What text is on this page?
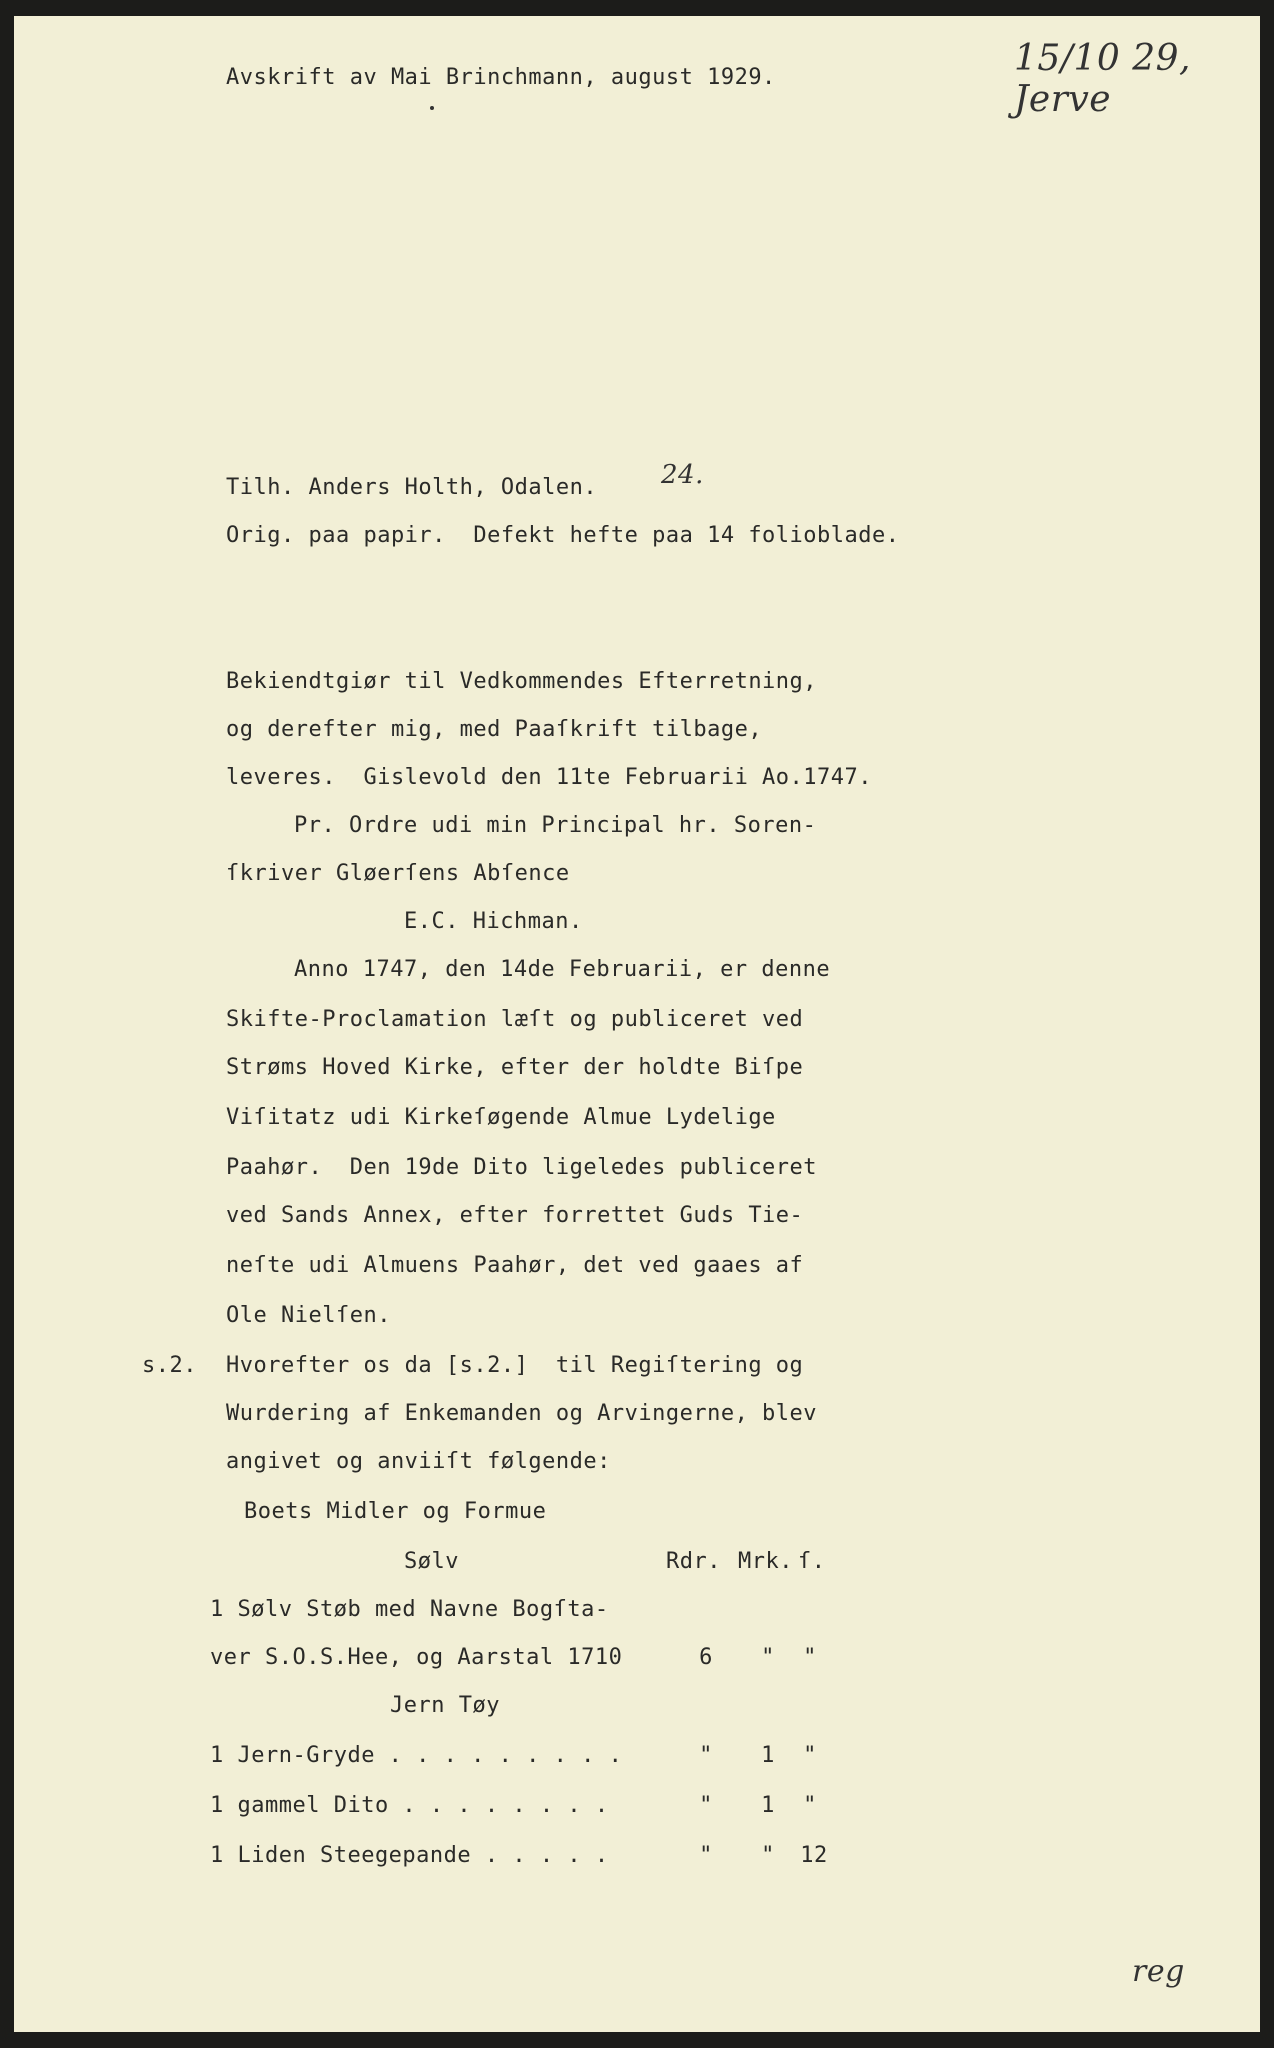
Avskrift av Mai Brinchmann, august 1929.	15/10 29, Jerve
Tilh. Anders Holth, Odalen. 24.
Orig. paa papir.  Defekt hefte paa 14 folioblade.
Bekiendtgiør til Vedkommendes Efterretning,
og derefter mig, med Paaſkrift tilbage,
leveres.  Gislevold den 11te Februarii Ao.1747.
Pr. Ordre udi min Principal hr. Soren-
ſkriver Gløerſens Abſence
E.C. Hichman.
Anno 1747, den 14de Februarii, er denne
Skifte-Proclamation læſt og publiceret ved
Strøms Hoved Kirke, efter der holdte Biſpe
Viſitatz udi Kirkeſøgende Almue Lydelige
Paahør.  Den 19de Dito ligeledes publiceret
ved Sands Annex, efter forrettet Guds Tie-
neſte udi Almuens Paahør, det ved gaaes af
Ole Nielſen.
s.2. Hvorefter os da [s.2.]  til Regiſtering og
Wurdering af Enkemanden og Arvingerne, blev
angivet og anviiſt følgende:
Boets Midler og Formue
Sølv	Rdr. Mrk. ſ.
1 Sølv Støb med Navne Bogſta-
ver S.O.S.Hee, og Aarstal 1710	6 " "
Jern Tøy
1 Jern-Gryde . . . . . . . . .	" 1 "
1 gammel Dito . . . . . . . .	" 1 "
1 Liden Steegepande . . . . .	" " 12
reg
